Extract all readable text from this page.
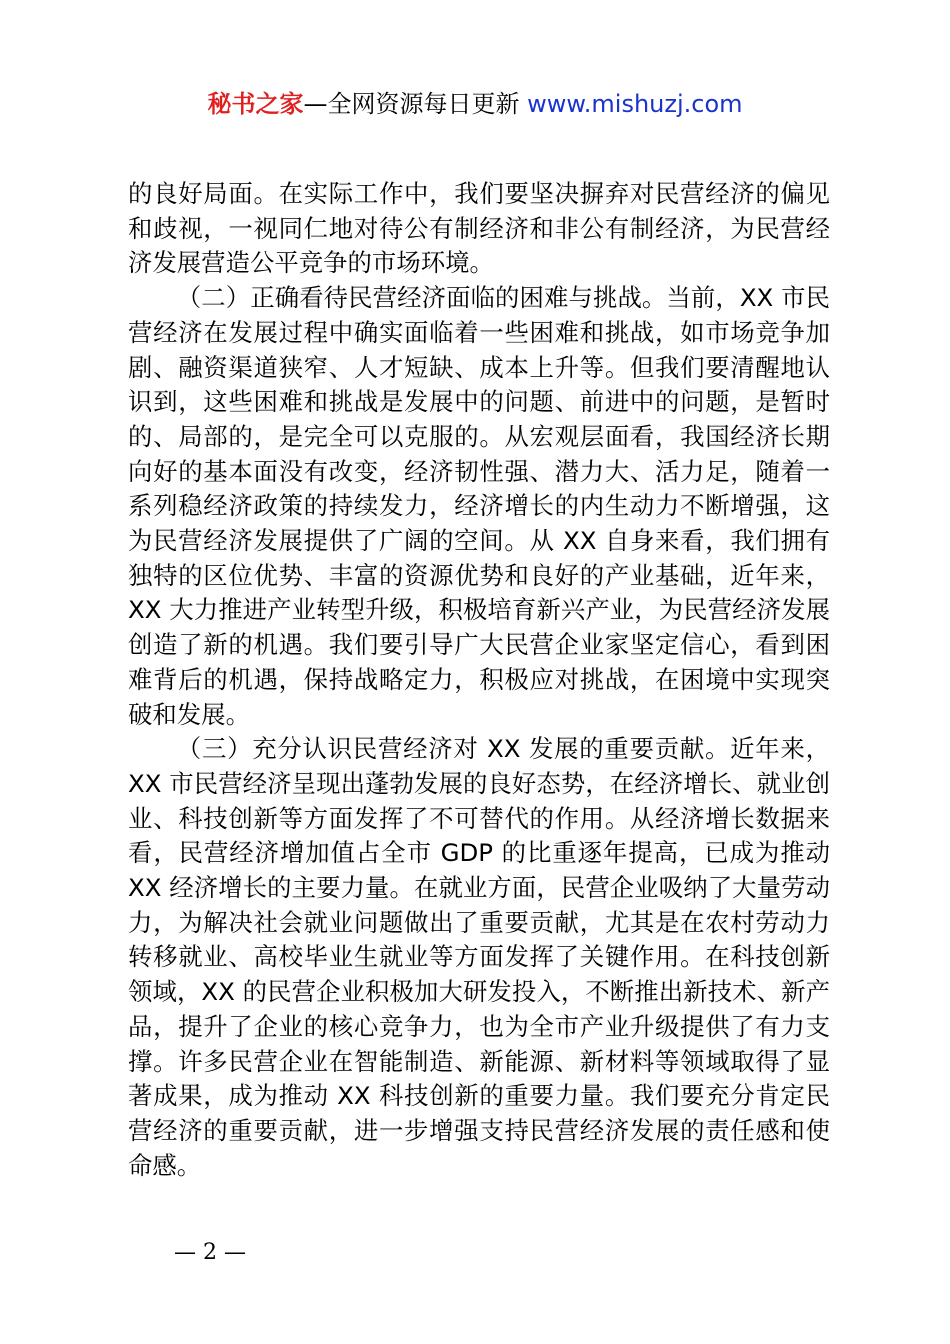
秘书之家—全网资源每日更新 www.mishuzj.com

的良好局面。在实际工作中，我们要坚决摒弃对民营经济的偏见和歧视，一视同仁地对待公有制经济和非公有制经济，为民营经济发展营造公平竞争的市场环境。

（二）正确看待民营经济面临的困难与挑战。当前，XX 市民营经济在发展过程中确实面临着一些困难和挑战，如市场竞争加剧、融资渠道狭窄、人才短缺、成本上升等。但我们要清醒地认识到，这些困难和挑战是发展中的问题、前进中的问题，是暂时的、局部的，是完全可以克服的。从宏观层面看，我国经济长期向好的基本面没有改变，经济韧性强、潜力大、活力足，随着一系列稳经济政策的持续发力，经济增长的内生动力不断增强，这为民营经济发展提供了广阔的空间。从 XX 自身来看，我们拥有独特的区位优势、丰富的资源优势和良好的产业基础，近年来，XX 大力推进产业转型升级，积极培育新兴产业，为民营经济发展创造了新的机遇。我们要引导广大民营企业家坚定信心，看到困难背后的机遇，保持战略定力，积极应对挑战，在困境中实现突破和发展。

（三）充分认识民营经济对 XX 发展的重要贡献。近年来，XX 市民营经济呈现出蓬勃发展的良好态势，在经济增长、就业创业、科技创新等方面发挥了不可替代的作用。从经济增长数据来看，民营经济增加值占全市 GDP 的比重逐年提高，已成为推动 XX 经济增长的主要力量。在就业方面，民营企业吸纳了大量劳动力，为解决社会就业问题做出了重要贡献，尤其是在农村劳动力转移就业、高校毕业生就业等方面发挥了关键作用。在科技创新领域，XX 的民营企业积极加大研发投入，不断推出新技术、新产品，提升了企业的核心竞争力，也为全市产业升级提供了有力支撑。许多民营企业在智能制造、新能源、新材料等领域取得了显著成果，成为推动 XX 科技创新的重要力量。我们要充分肯定民营经济的重要贡献，进一步增强支持民营经济发展的责任感和使命感。

— 2 —
